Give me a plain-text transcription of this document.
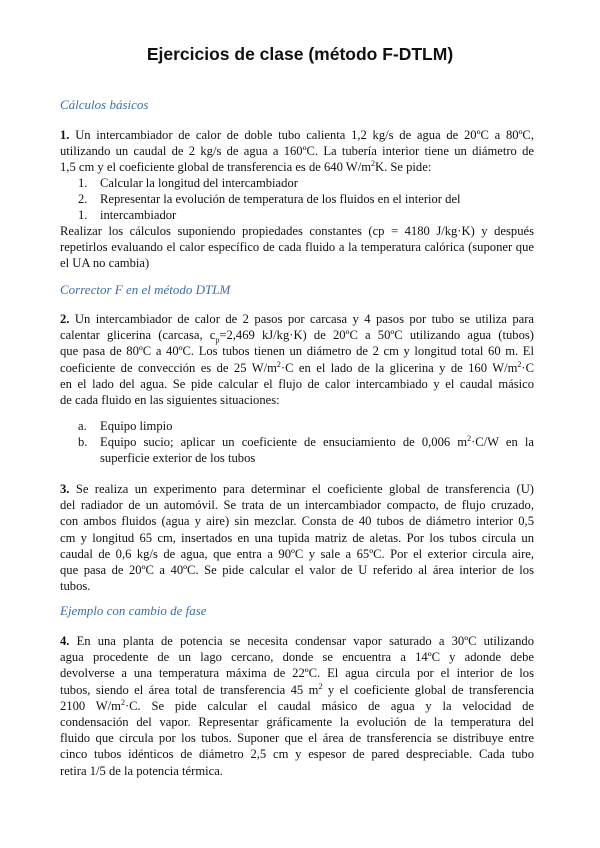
Ejercicios de clase (método F-DTLM)

Cálculos básicos

1. Un intercambiador de calor de doble tubo calienta 1,2 kg/s de agua de 20ºC a 80ºC,
utilizando un caudal de 2 kg/s de agua a 160ºC. La tubería interior tiene un diámetro de
1,5 cm y el coeficiente global de transferencia es de 640 $W/m^2K$. Se pide:
1. Calcular la longitud del intercambiador
2. Representar la evolución de temperatura de los fluidos en el interior del
1. intercambiador

Realizar los cálculos suponiendo propiedades constantes (cp = 4180 J/kg·K) y después repetirlos evaluando el calor específico de cada fluido a la temperatura calórica (suponer que el UA no cambia)

Corrector F en el método DTLM

2. Un intercambiador de calor de 2 pasos por carcasa y 4 pasos por tubo se utiliza para
calentar glicerina (carcasa, $c_p=2,469$ kJ/kg·K) de 20ºC a 50ºC utilizando agua (tubos)
que pasa de 80ºC a 40ºC. Los tubos tienen un diámetro de 2 cm y longitud total 60 m. El
coeficiente de convección es de 25 $W/m^2\cdot C$ en el lado de la glicerina y de 160 $W/m^2\cdot C$
en el lado del agua. Se pide calcular el flujo de calor intercambiado y el caudal másico
de cada fluido en las siguientes situaciones:
a. Equipo limpio
b. Equipo sucio; aplicar un coeficiente de ensuciamiento de 0,006 $m^2\cdot C/W$ en la
superficie exterior de los tubos
3. Se realiza un experimento para determinar el coeficiente global de transferencia (U)
del radiador de un automóvil. Se trata de un intercambiador compacto, de flujo cruzado,
con ambos fluidos (agua y aire) sin mezclar. Consta de 40 tubos de diámetro interior 0,5
cm y longitud 65 cm, insertados en una tupida matriz de aletas. Por los tubos circula un
caudal de 0,6 kg/s de agua, que entra a 90ºC y sale a 65ºC. Por el exterior circula aire,
que pasa de 20ºC a 40ºC. Se pide calcular el valor de U referido al área interior de los
tubos.

Ejemplo con cambio de fase

4. En una planta de potencia se necesita condensar vapor saturado a 30ºC utilizando
agua procedente de un lago cercano, donde se encuentra a 14ºC y adonde debe
devolverse a una temperatura máxima de 22ºC. El agua circula por el interior de los
tubos, siendo el área total de transferencia 45 $m^2$ y el coeficiente global de transferencia
2100 $W/m^2\cdot C$. Se pide calcular el caudal másico de agua y la velocidad de
condensación del vapor. Representar gráficamente la evolución de la temperatura del
fluido que circula por los tubos. Suponer que el área de transferencia se distribuye entre
cinco tubos idénticos de diámetro 2,5 cm y espesor de pared despreciable. Cada tubo
retira 1/5 de la potencia térmica.
